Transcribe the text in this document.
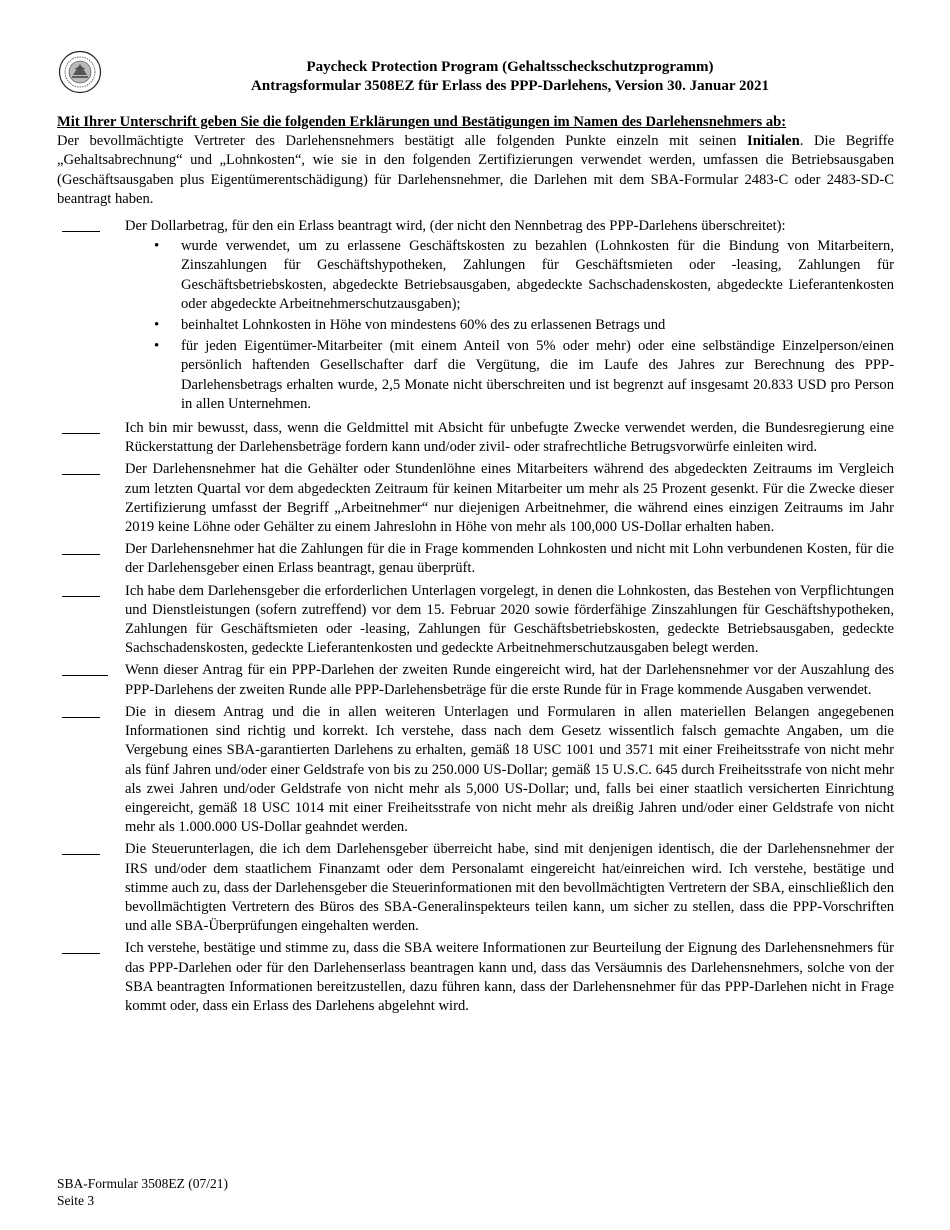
Paycheck Protection Program (Gehaltsscheckschutzprogramm)
Antragsformular 3508EZ für Erlass des PPP-Darlehens, Version 30. Januar 2021
Mit Ihrer Unterschrift geben Sie die folgenden Erklärungen und Bestätigungen im Namen des Darlehensnehmers ab:

Der bevollmächtigte Vertreter des Darlehensnehmers bestätigt alle folgenden Punkte einzeln mit seinen Initialen. Die Begriffe „Gehaltsabrechnung“ und „Lohnkosten“, wie sie in den folgenden Zertifizierungen verwendet werden, umfassen die Betriebsausgaben (Geschäftsausgaben plus Eigentümerentschädigung) für Darlehensnehmer, die Darlehen mit dem SBA-Formular 2483-C oder 2483-SD-C beantragt haben.

Der Dollarbetrag, für den ein Erlass beantragt wird, (der nicht den Nennbetrag des PPP-Darlehens überschreitet):
• wurde verwendet, um zu erlassene Geschäftskosten zu bezahlen (Lohnkosten für die Bindung von Mitarbeitern, Zinszahlungen für Geschäftshypotheken, Zahlungen für Geschäftsmieten oder -leasing, Zahlungen für Geschäftsbetriebskosten, abgedeckte Betriebsausgaben, abgedeckte Sachschadenskosten, abgedeckte Lieferantenkosten oder abgedeckte Arbeitnehmerschutzausgaben);
• beinhaltet Lohnkosten in Höhe von mindestens 60% des zu erlassenen Betrags und
• für jeden Eigentümer-Mitarbeiter (mit einem Anteil von 5% oder mehr) oder eine selbständige Einzelperson/einen persönlich haftenden Gesellschafter darf die Vergütung, die im Laufe des Jahres zur Berechnung des PPP-Darlehensbetrags erhalten wurde, 2,5 Monate nicht überschreiten und ist begrenzt auf insgesamt 20.833 USD pro Person in allen Unternehmen.
Ich bin mir bewusst, dass, wenn die Geldmittel mit Absicht für unbefugte Zwecke verwendet werden, die Bundesregierung eine Rückerstattung der Darlehensbeträge fordern kann und/oder zivil- oder strafrechtliche Betrugsvorwürfe einleiten wird.
Der Darlehensnehmer hat die Gehälter oder Stundenlöhne eines Mitarbeiters während des abgedeckten Zeitraums im Vergleich zum letzten Quartal vor dem abgedeckten Zeitraum für keinen Mitarbeiter um mehr als 25 Prozent gesenkt. Für die Zwecke dieser Zertifizierung umfasst der Begriff „Arbeitnehmer“ nur diejenigen Arbeitnehmer, die während eines einzigen Zeitraums im Jahr 2019 keine Löhne oder Gehälter zu einem Jahreslohn in Höhe von mehr als 100,000 US-Dollar erhalten haben.
Der Darlehensnehmer hat die Zahlungen für die in Frage kommenden Lohnkosten und nicht mit Lohn verbundenen Kosten, für die der Darlehensgeber einen Erlass beantragt, genau überprüft.
Ich habe dem Darlehensgeber die erforderlichen Unterlagen vorgelegt, in denen die Lohnkosten, das Bestehen von Verpflichtungen und Dienstleistungen (sofern zutreffend) vor dem 15. Februar 2020 sowie förderfähige Zinszahlungen für Geschäftshypotheken, Zahlungen für Geschäftsmieten oder -leasing, Zahlungen für Geschäftsbetriebskosten, gedeckte Betriebsausgaben, gedeckte Sachschadenskosten, gedeckte Lieferantenkosten und gedeckte Arbeitnehmerschutzausgaben belegt werden.
Wenn dieser Antrag für ein PPP-Darlehen der zweiten Runde eingereicht wird, hat der Darlehensnehmer vor der Auszahlung des PPP-Darlehens der zweiten Runde alle PPP-Darlehensbeträge für die erste Runde für in Frage kommende Ausgaben verwendet.
Die in diesem Antrag und die in allen weiteren Unterlagen und Formularen in allen materiellen Belangen angegebenen Informationen sind richtig und korrekt. Ich verstehe, dass nach dem Gesetz wissentlich falsch gemachte Angaben, um die Vergebung eines SBA-garantierten Darlehens zu erhalten, gemäß 18 USC 1001 und 3571 mit einer Freiheitsstrafe von nicht mehr als fünf Jahren und/oder einer Geldstrafe von bis zu 250.000 US-Dollar; gemäß 15 U.S.C. 645 durch Freiheitsstrafe von nicht mehr als zwei Jahren und/oder Geldstrafe von nicht mehr als 5,000 US-Dollar; und, falls bei einer staatlich versicherten Einrichtung eingereicht, gemäß 18 USC 1014 mit einer Freiheitsstrafe von nicht mehr als dreißig Jahren und/oder einer Geldstrafe von nicht mehr als 1.000.000 US-Dollar geahndet werden.
Die Steuerunterlagen, die ich dem Darlehensgeber überreicht habe, sind mit denjenigen identisch, die der Darlehensnehmer der IRS und/oder dem staatlichem Finanzamt oder dem Personalamt eingereicht hat/einreichen wird. Ich verstehe, bestätige und stimme auch zu, dass der Darlehensgeber die Steuerinformationen mit den bevollmächtigten Vertretern der SBA, einschließlich den bevollmächtigten Vertretern des Büros des SBA-Generalinspekteurs teilen kann, um sicher zu stellen, dass die PPP-Vorschriften und alle SBA-Überprüfungen eingehalten werden.
Ich verstehe, bestätige und stimme zu, dass die SBA weitere Informationen zur Beurteilung der Eignung des Darlehensnehmers für das PPP-Darlehen oder für den Darlehenserlass beantragen kann und, dass das Versäumnis des Darlehensnehmers, solche von der SBA beantragten Informationen bereitzustellen, dazu führen kann, dass der Darlehensnehmer für das PPP-Darlehen nicht in Frage kommt oder, dass ein Erlass des Darlehens abgelehnt wird.
SBA-Formular 3508EZ (07/21)
Seite 3
